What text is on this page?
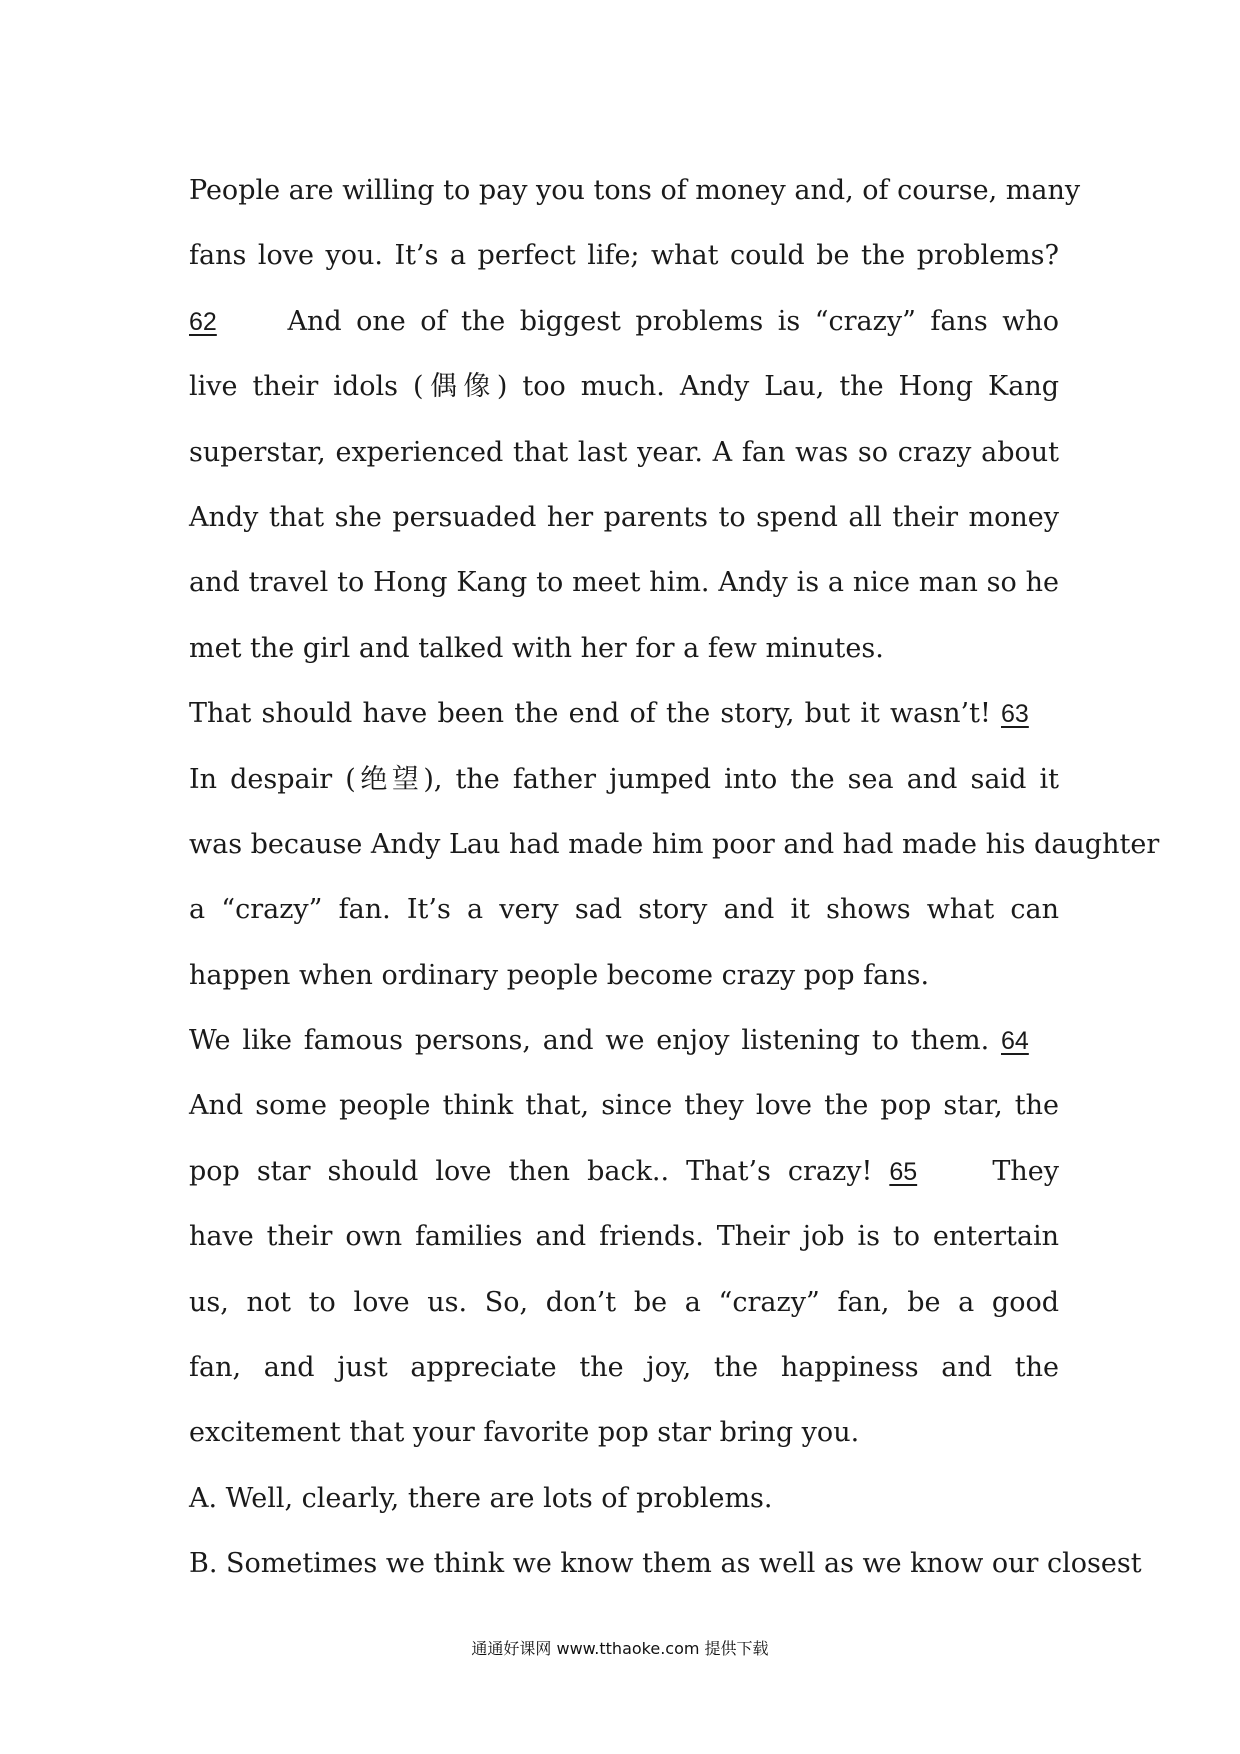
People are willing to pay you tons of money and, of course, many
fans love you. It’s a perfect life; what could be the problems?
62	And one of the biggest problems is “crazy” fans who
live their idols (偶像) too much. Andy Lau, the Hong Kang
superstar, experienced that last year. A fan was so crazy about
Andy that she persuaded her parents to spend all their money
and travel to Hong Kang to meet him. Andy is a nice man so he
met the girl and talked with her for a few minutes.
That should have been the end of the story, but it wasn’t! 63
In despair (绝望), the father jumped into the sea and said it
was because Andy Lau had made him poor and had made his daughter
a “crazy” fan. It’s a very sad story and it shows what can
happen when ordinary people become crazy pop fans.
We like famous persons, and we enjoy listening to them. 64
And some people think that, since they love the pop star, the
pop star should love then back.. That’s crazy! 65	They
have their own families and friends. Their job is to entertain
us, not to love us. So, don’t be a “crazy” fan, be a good
fan, and just appreciate the joy, the happiness and the
excitement that your favorite pop star bring you.
A. Well, clearly, there are lots of problems.
B. Sometimes we think we know them as well as we know our closest
通通好课网 www.tthaoke.com 提供下载
